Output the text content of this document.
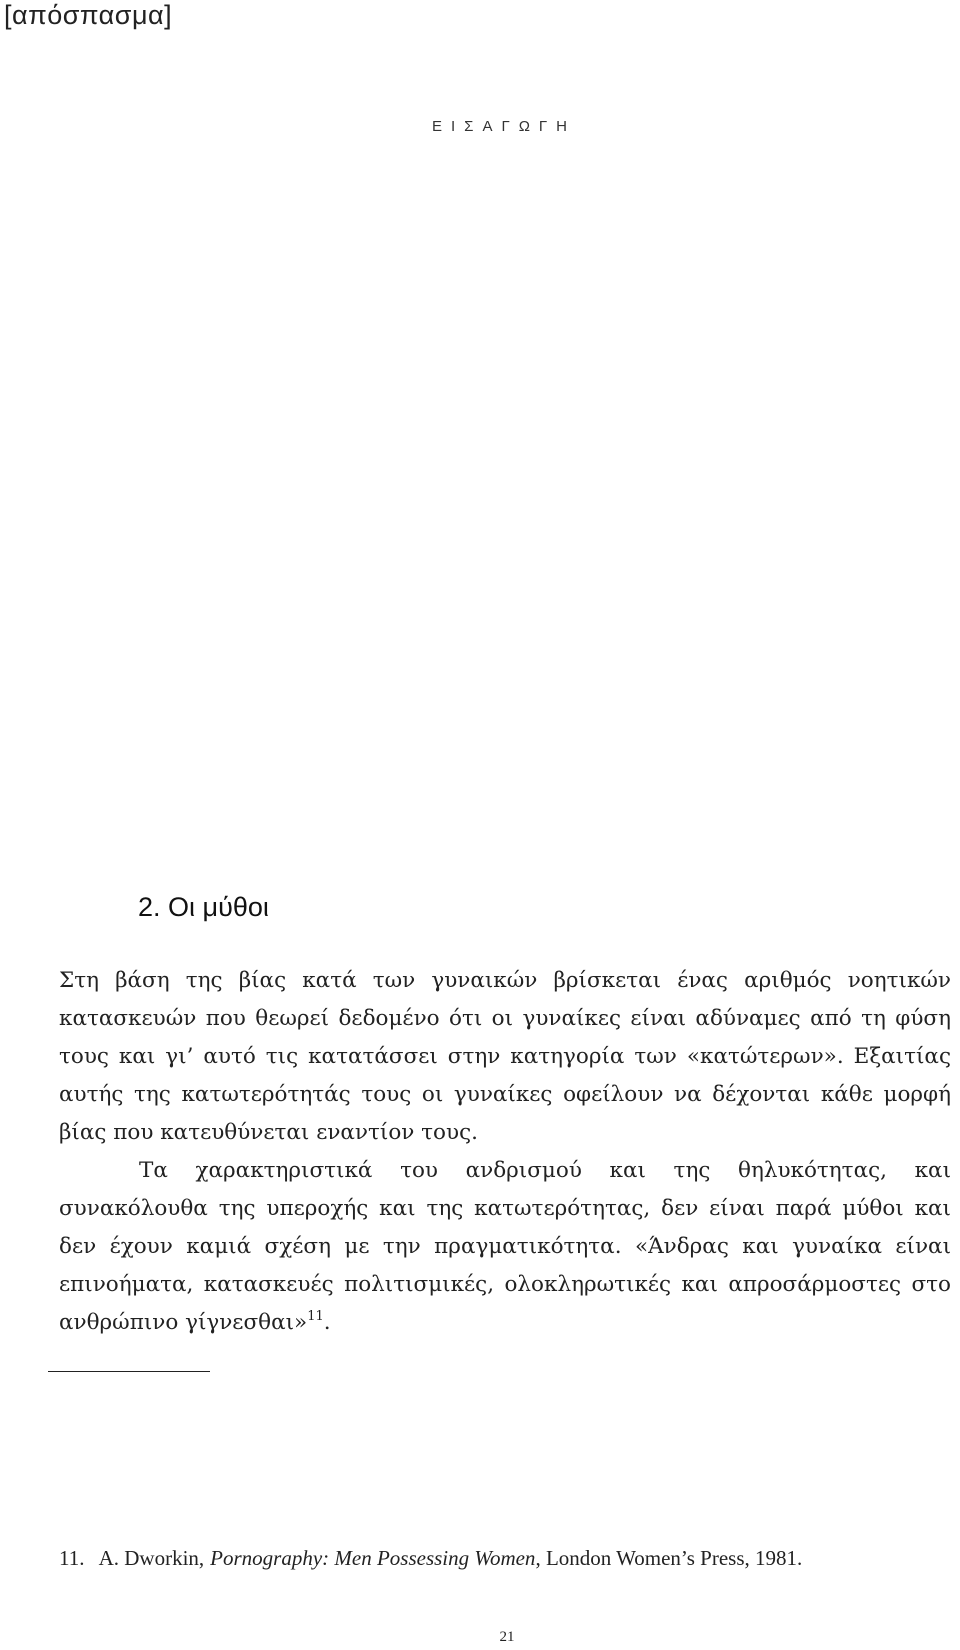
[απόσπασμα]
ΕΙΣΑΓΩΓΗ
2. Οι μύθοι

Στη βάση της βίας κατά των γυναικών βρίσκεται ένας αριθμός νοητικών κατασκευών που θεωρεί δεδομένο ότι οι γυναίκες είναι αδύναμες από τη φύση τους και γι’ αυτό τις κατατάσσει στην κατηγορία των «κατώτερων». Εξαιτίας αυτής της κατωτερότητάς τους οι γυναίκες οφείλουν να δέχονται κάθε μορφή βίας που κατευθύνεται εναντίον τους.

Τα χαρακτηριστικά του ανδρισμού και της θηλυκότητας, και συνακόλουθα της υπεροχής και της κατωτερότητας, δεν είναι παρά μύθοι και δεν έχουν καμιά σχέση με την πραγματικότητα. «Άνδρας και γυναίκα είναι επινοήματα, κατασκευές πολιτισμικές, ολοκληρωτικές και απροσάρμοστες στο ανθρώπινο γίγνεσθαι»$^{11}$.

11. A. Dworkin, Pornography: Men Possessing Women, London Women’s Press, 1981.
21
